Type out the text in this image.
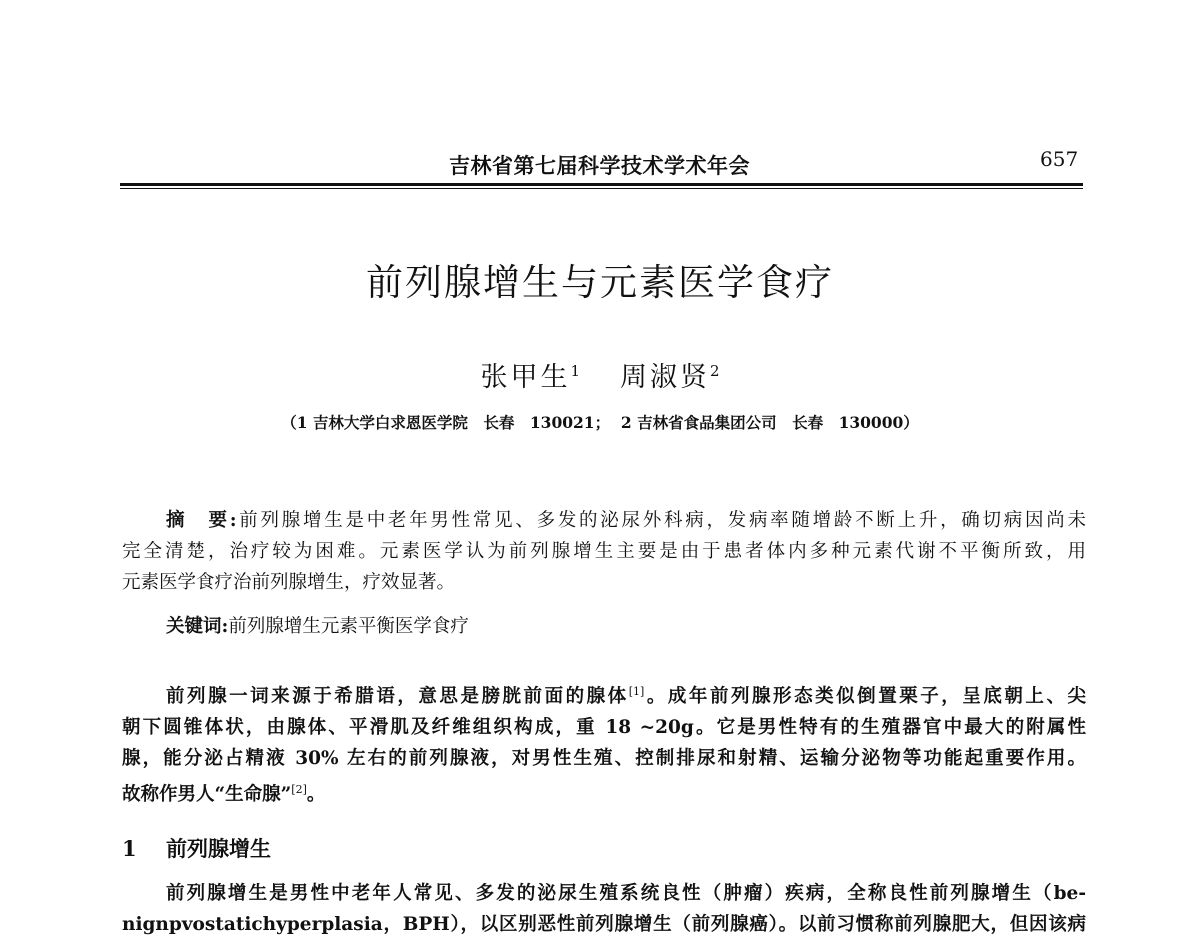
吉林省第七届科学技术学术年会	657
前列腺增生与元素医学食疗
张甲生$^1$ 周淑贤$^2$
（1 吉林大学白求恩医学院　长春　130021；  2 吉林省食品集团公司　长春　130000）
摘　要:前列腺增生是中老年男性常见、多发的泌尿外科病，发病率随增龄不断上升，确切病因尚未
完全清楚，治疗较为困难。元素医学认为前列腺增生主要是由于患者体内多种元素代谢不平衡所致，用
元素医学食疗治前列腺增生，疗效显著。
关键词:前列腺增生元素平衡医学食疗
前列腺一词来源于希腊语，意思是膀胱前面的腺体[1]。成年前列腺形态类似倒置栗子，呈底朝上、尖
朝下圆锥体状，由腺体、平滑肌及纤维组织构成，重 18 ~20g。它是男性特有的生殖器官中最大的附属性
腺，能分泌占精液 30% 左右的前列腺液，对男性生殖、控制排尿和射精、运输分泌物等功能起重要作用。
故称作男人“生命腺”[2]。
1 前列腺增生
前列腺增生是男性中老年人常见、多发的泌尿生殖系统良性（肿瘤）疾病，全称良性前列腺增生（be-
nignpvostatichyperplasia，BPH），以区别恶性前列腺增生（前列腺癌）。以前习惯称前列腺肥大，但因该病
